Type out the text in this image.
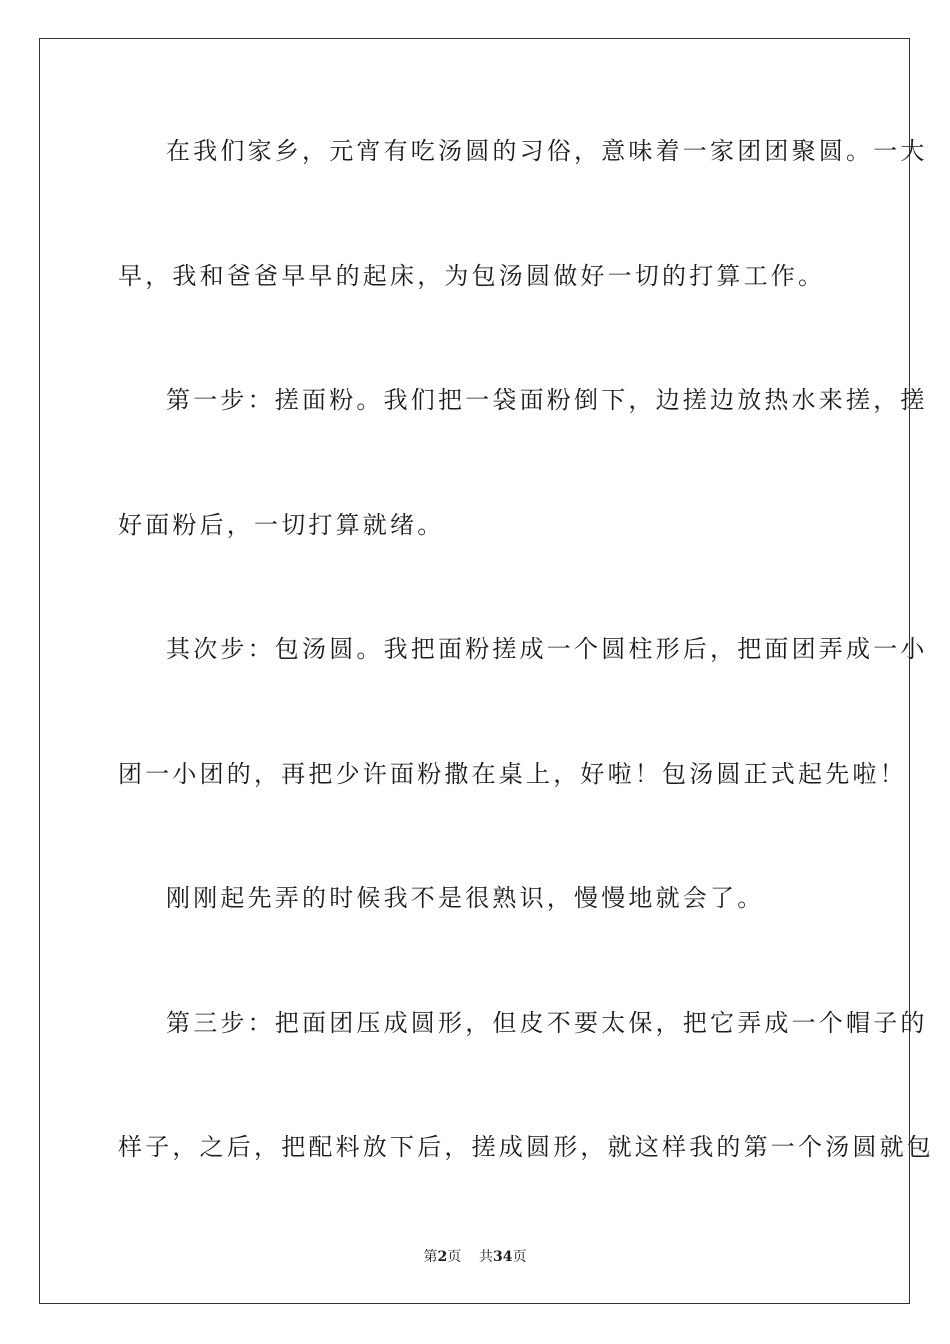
在我们家乡，元宵有吃汤圆的习俗，意味着一家团团聚圆。一大
早，我和爸爸早早的起床，为包汤圆做好一切的打算工作。
第一步：搓面粉。我们把一袋面粉倒下，边搓边放热水来搓，搓
好面粉后，一切打算就绪。
其次步：包汤圆。我把面粉搓成一个圆柱形后，把面团弄成一小
团一小团的，再把少许面粉撒在桌上，好啦！包汤圆正式起先啦！
刚刚起先弄的时候我不是很熟识，慢慢地就会了。
第三步：把面团压成圆形，但皮不要太保，把它弄成一个帽子的
样子，之后，把配料放下后，搓成圆形，就这样我的第一个汤圆就包
第2页 共34页
